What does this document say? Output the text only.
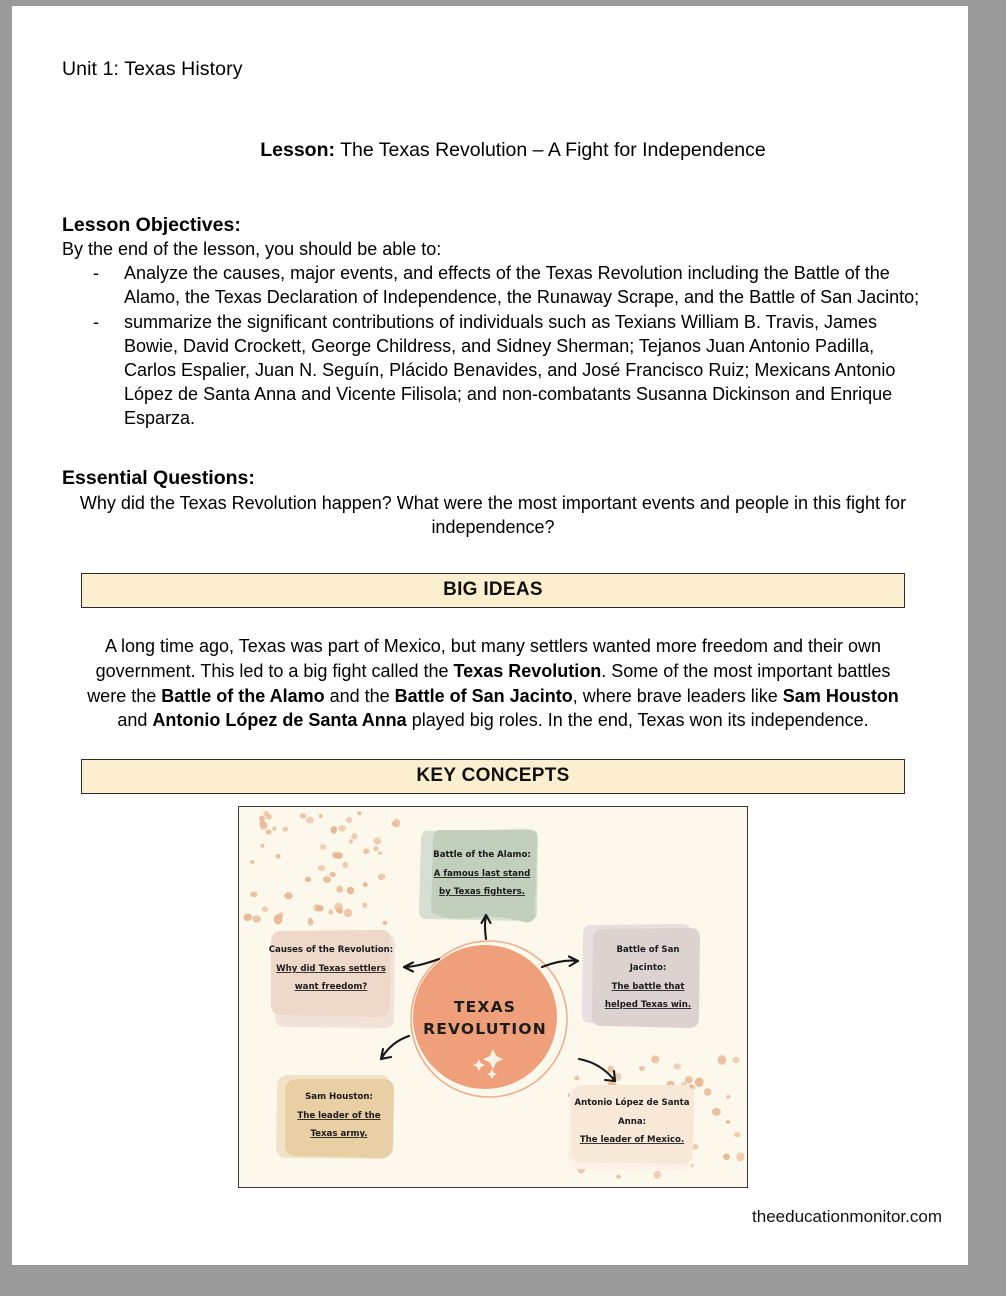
Unit 1: Texas History
Lesson: The Texas Revolution – A Fight for Independence
Lesson Objectives:
By the end of the lesson, you should be able to:
- Analyze the causes, major events, and effects of the Texas Revolution including the Battle of the Alamo, the Texas Declaration of Independence, the Runaway Scrape, and the Battle of San Jacinto;
- summarize the significant contributions of individuals such as Texians William B. Travis, James Bowie, David Crockett, George Childress, and Sidney Sherman; Tejanos Juan Antonio Padilla, Carlos Espalier, Juan N. Seguín, Plácido Benavides, and José Francisco Ruiz; Mexicans Antonio López de Santa Anna and Vicente Filisola; and non-combatants Susanna Dickinson and Enrique Esparza.
Essential Questions:
Why did the Texas Revolution happen? What were the most important events and people in this fight for independence?
BIG IDEAS
A long time ago, Texas was part of Mexico, but many settlers wanted more freedom and their own government. This led to a big fight called the Texas Revolution. Some of the most important battles were the Battle of the Alamo and the Battle of San Jacinto, where brave leaders like Sam Houston and Antonio López de Santa Anna played big roles. In the end, Texas won its independence.
KEY CONCEPTS
TEXAS
REVOLUTION
Battle of the Alamo:
A famous last stand
by Texas fighters.
Battle of San
Jacinto:
The battle that
helped Texas win.
Causes of the Revolution:
Why did Texas settlers
want freedom?
Sam Houston:
The leader of the
Texas army.
Antonio López de Santa
Anna:
The leader of Mexico.
theeducationmonitor.com
